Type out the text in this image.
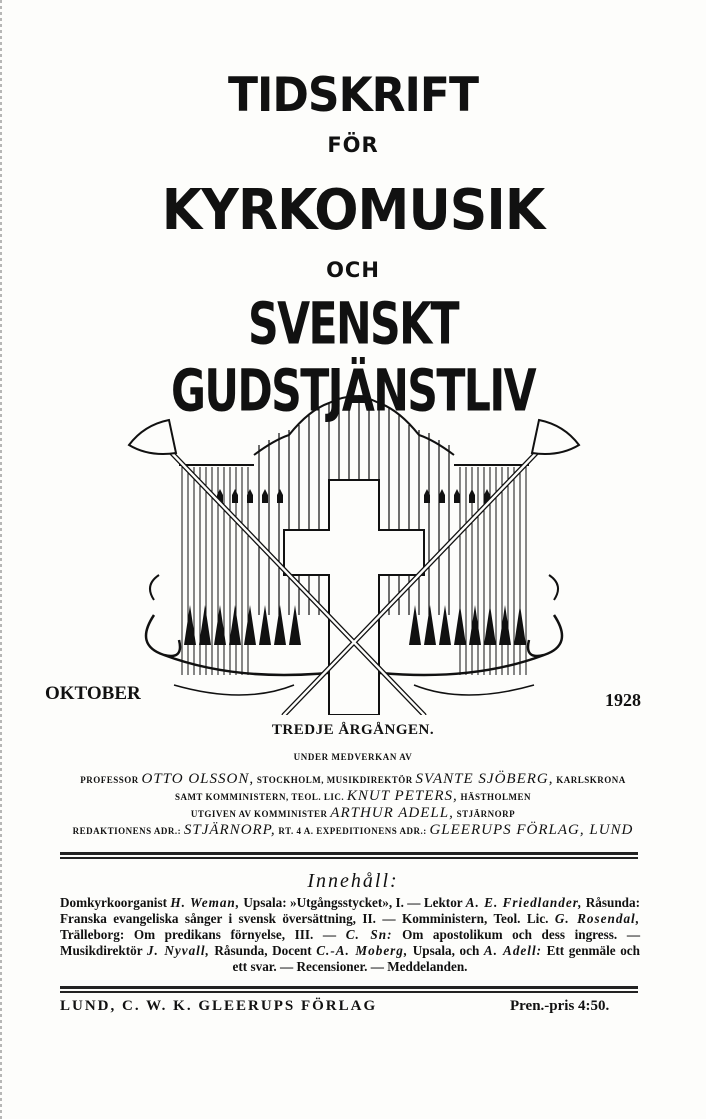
TIDSKRIFT
FÖR
KYRKOMUSIK
OCH
SVENSKT GUDSTJÄNSTLIV
OKTOBER	1928
TREDJE ÅRGÅNGEN.
UNDER MEDVERKAN AV
PROFESSOR OTTO OLSSON, STOCKHOLM, MUSIKDIREKTÖR SVANTE SJÖBERG, KARLSKRONA
SAMT KOMMINISTERN, TEOL. LIC. KNUT PETERS, HÄSTHOLMEN
UTGIVEN AV KOMMINISTER ARTHUR ADELL, STJÄRNORP
REDAKTIONENS ADR.: STJÄRNORP, RT. 4 A. EXPEDITIONENS ADR.: GLEERUPS FÖRLAG, LUND
Innehåll:
Domkyrkoorganist H. Weman, Upsala: »Utgångsstycket», I. — Lektor A. E. Friedlander, Råsunda: Franska evangeliska sånger i svensk översättning, II. — Komministern, Teol. Lic. G. Rosendal, Trälleborg: Om predikans förnyelse, III. — C. Sn: Om apostolikum och dess ingress. — Musikdirektör J. Nyvall, Råsunda, Docent C.-A. Moberg, Upsala, och A. Adell: Ett genmäle och ett svar. — Recensioner. — Meddelanden.
LUND, C. W. K. GLEERUPS FÖRLAG	Pren.-pris 4:50.
